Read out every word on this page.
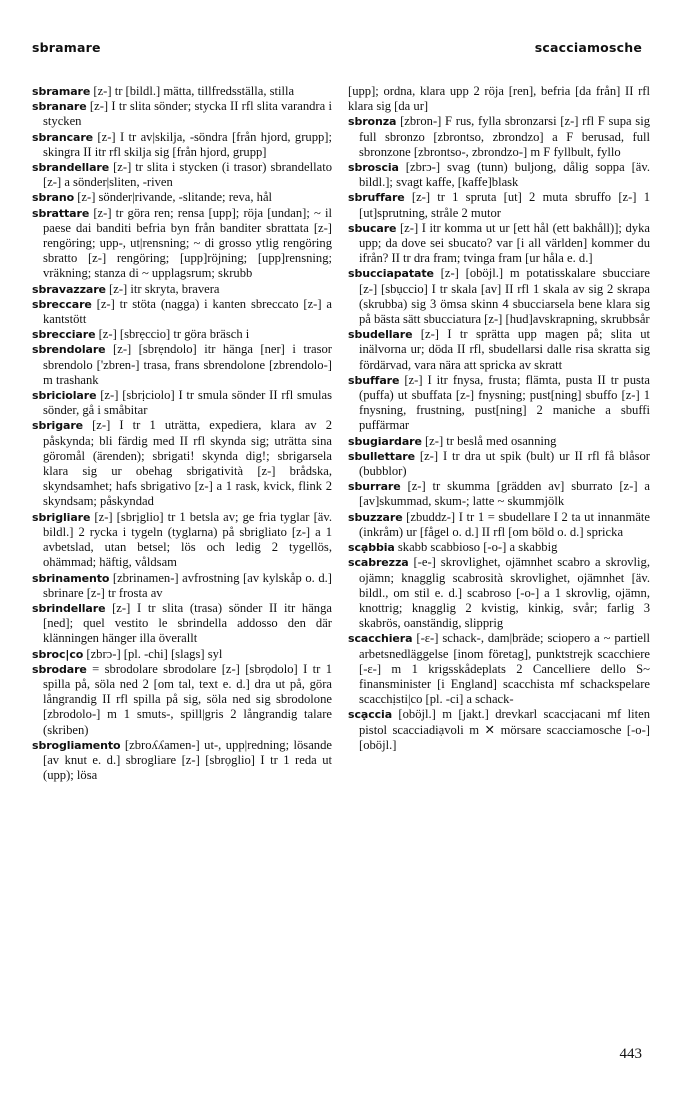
sbramare	scacciamosche

sbramare [z-] tr [bildl.] mätta, tillfredsställa, stilla

sbranare [z-] I tr slita sönder; stycka II rfl slita varandra i stycken

sbrancare [z-] I tr av|skilja, -söndra [från hjord, grupp]; skingra II itr rfl skilja sig [från hjord, grupp]

sbrandellare [z-] tr slita i stycken (i trasor) sbrandellato [z-] a sönder|sliten, -riven

sbrano [z-] sönder|rivande, -slitande; reva, hål

sbrattare [z-] tr göra ren; rensa [upp]; röja [undan]; ~ il paese dai banditi befria byn från banditer sbrattata [z-] rengöring; upp-, ut|rensning; ~ di grosso ytlig rengöring sbratto [z-] rengöring; [upp]röjning; [upp]rensning; vräkning; stanza di ~ upplagsrum; skrubb

sbravazzare [z-] itr skryta, bravera

sbreccare [z-] tr stöta (nagga) i kanten sbreccato [z-] a kantstött

sbrecciare [z-] [sbrẹccio] tr göra bräsch i

sbrendolare [z-] [sbrẹndolo] itr hänga [ner] i trasor sbrendolo ['zbren-] trasa, frans sbrendolone [zbrendolo-] m trashank

sbriciolare [z-] [sbrịciolo] I tr smula sönder II rfl smulas sönder, gå i småbitar

sbrigare [z-] I tr 1 uträtta, expediera, klara av 2 påskynda; bli färdig med II rfl skynda sig; uträtta sina göromål (ärenden); sbrigati! skynda dig!; sbrigarsela klara sig ur obehag sbrigatività [z-] brådska, skyndsamhet; hafs sbrigativo [z-] a 1 rask, kvick, flink 2 skyndsam; påskyndad

sbrigliare [z-] [sbrịglio] tr 1 betsla av; ge fria tyglar [äv. bildl.] 2 rycka i tygeln (tyglarna) på sbrigliato [z-] a 1 avbetslad, utan betsel; lös och ledig 2 tygellös, ohämmad; häftig, våldsam

sbrinamento [zbrinamen-] avfrostning [av kylskåp o. d.] sbrinare [z-] tr frosta av

sbrindellare [z-] I tr slita (trasa) sönder II itr hänga [ned]; quel vestito le sbrindella addosso den där klänningen hänger illa överallt

sbroc|co [zbrɔ-] [pl. -chi] [slags] syl

sbrodare = sbrodolare sbrodolare [z-] [sbrọdolo] I tr 1 spilla på, söla ned 2 [om tal, text e. d.] dra ut på, göra långrandig II rfl spilla på sig, söla ned sig sbrodolone [zbrodolo-] m 1 smuts-, spill|gris 2 långrandig talare (skriben)

sbrogliamento [zbroʎʎamen-] ut-, upp|redning; lösande [av knut e. d.] sbrogliare [z-] [sbrọglio] I tr 1 reda ut (upp); lösa

[upp]; ordna, klara upp 2 röja [ren], befria [da från] II rfl klara sig [da ur]

sbronza [zbron-] F rus, fylla sbronzarsi [z-] rfl F supa sig full sbronzo [zbrontso, zbrondzo] a F berusad, full sbronzone [zbrontso-, zbrondzo-] m F fyllbult, fyllo

sbroscia [zbrɔ-] svag (tunn) buljong, dålig soppa [äv. bildl.]; svagt kaffe, [kaffe]blask

sbruffare [z-] tr 1 spruta [ut] 2 muta sbruffo [z-] 1 [ut]sprutning, stråle 2 mutor

sbucare [z-] I itr komma ut ur [ett hål (ett bakhåll)]; dyka upp; da dove sei sbucato? var [i all världen] kommer du ifrån? II tr dra fram; tvinga fram [ur håla e. d.]

sbucciapatate [z-] [oböjl.] m potatisskalare sbucciare [z-] [sbụccio] I tr skala [av] II rfl 1 skala av sig 2 skrapa (skrubba) sig 3 ömsa skinn 4 sbucciarsela bene klara sig på bästa sätt sbucciatura [z-] [hud]avskrapning, skrubbsår

sbudellare [z-] I tr sprätta upp magen på; slita ut inälvorna ur; döda II rfl, sbudellarsi dalle risa skratta sig fördärvad, vara nära att spricka av skratt

sbuffare [z-] I itr fnysa, frusta; flämta, pusta II tr pusta (puffa) ut sbuffata [z-] fnysning; pust[ning] sbuffo [z-] 1 fnysning, frustning, pust[ning] 2 maniche a sbuffi puffärmar

sbugiardare [z-] tr beslå med osanning

sbullettare [z-] I tr dra ut spik (bult) ur II rfl få blåsor (bubblor)

sburrare [z-] tr skumma [grädden av] sburrato [z-] a [av]skummad, skum-; latte ~ skummjölk

sbuzzare [zbuddz-] I tr 1 = sbudellare I 2 ta ut innanmäte (inkråm) ur [fågel o. d.] II rfl [om böld o. d.] spricka

scạbbia skabb scabbioso [-o-] a skabbig

scabrezza [-e-] skrovlighet, ojämnhet scabro a skrovlig, ojämn; knagglig scabrosità skrovlighet, ojämnhet [äv. bildl., om stil e. d.] scabroso [-o-] a 1 skrovlig, ojämn, knottrig; knagglig 2 kvistig, kinkig, svår; farlig 3 skabrös, oanständig, slipprig

scacchiera [-ɛ-] schack-, dam|bräde; sciopero a ~ partiell arbetsnedläggelse [inom företag], punktstrejk scacchiere [-ɛ-] m 1 krigsskådeplats 2 Cancelliere dello S~ finansminister [i England] scacchista mf schackspelare scacchịsti|co [pl. -ci] a schack-

scạccia [oböjl.] m [jakt.] drevkarl scaccịacani mf liten pistol scacciadiạvoli m ✕ mörsare scacciamosche [-o-] [oböjl.]

443
